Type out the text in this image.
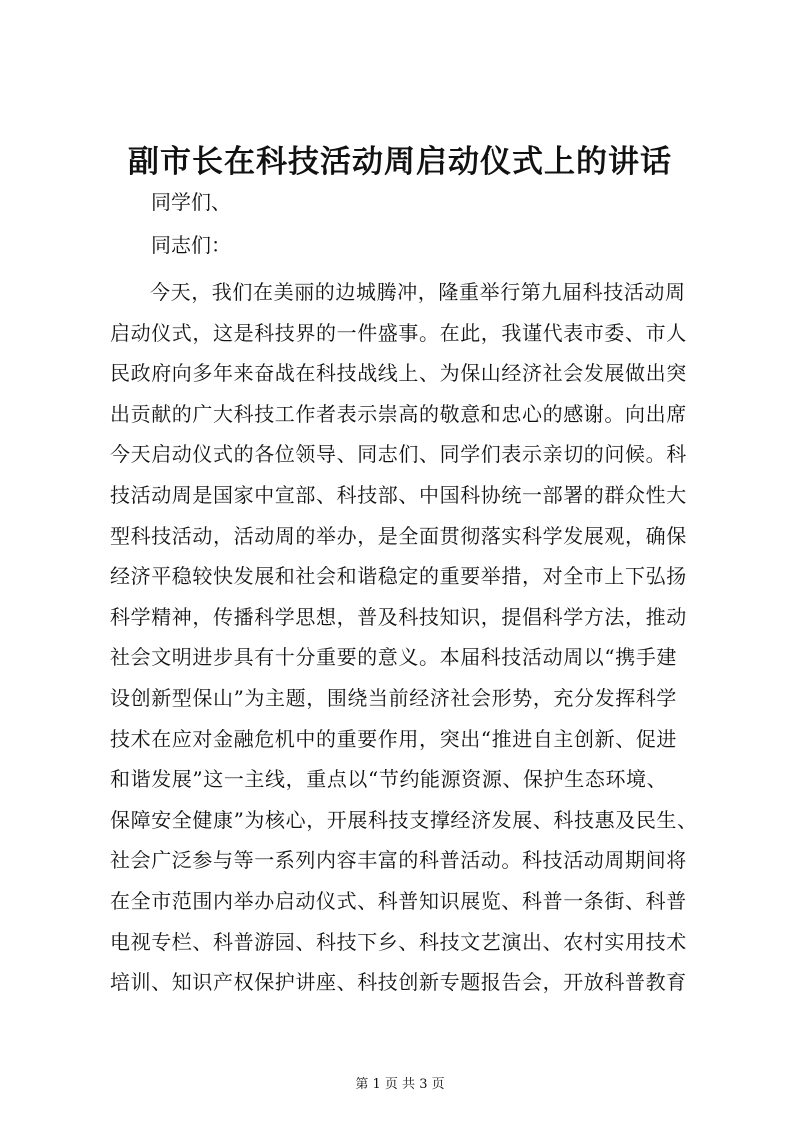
副市长在科技活动周启动仪式上的讲话
同学们、
同志们：
今天，我们在美丽的边城腾冲，隆重举行第九届科技活动周
启动仪式，这是科技界的一件盛事。在此，我谨代表市委、市人
民政府向多年来奋战在科技战线上、为保山经济社会发展做出突
出贡献的广大科技工作者表示崇高的敬意和忠心的感谢。向出席
今天启动仪式的各位领导、同志们、同学们表示亲切的问候。科
技活动周是国家中宣部、科技部、中国科协统一部署的群众性大
型科技活动，活动周的举办，是全面贯彻落实科学发展观，确保
经济平稳较快发展和社会和谐稳定的重要举措，对全市上下弘扬
科学精神，传播科学思想，普及科技知识，提倡科学方法，推动
社会文明进步具有十分重要的意义。本届科技活动周以“携手建
设创新型保山”为主题，围绕当前经济社会形势，充分发挥科学
技术在应对金融危机中的重要作用，突出“推进自主创新、促进
和谐发展”这一主线，重点以“节约能源资源、保护生态环境、
保障安全健康”为核心，开展科技支撑经济发展、科技惠及民生、
社会广泛参与等一系列内容丰富的科普活动。科技活动周期间将
在全市范围内举办启动仪式、科普知识展览、科普一条街、科普
电视专栏、科普游园、科技下乡、科技文艺演出、农村实用技术
培训、知识产权保护讲座、科技创新专题报告会，开放科普教育
第 1 页 共 3 页
